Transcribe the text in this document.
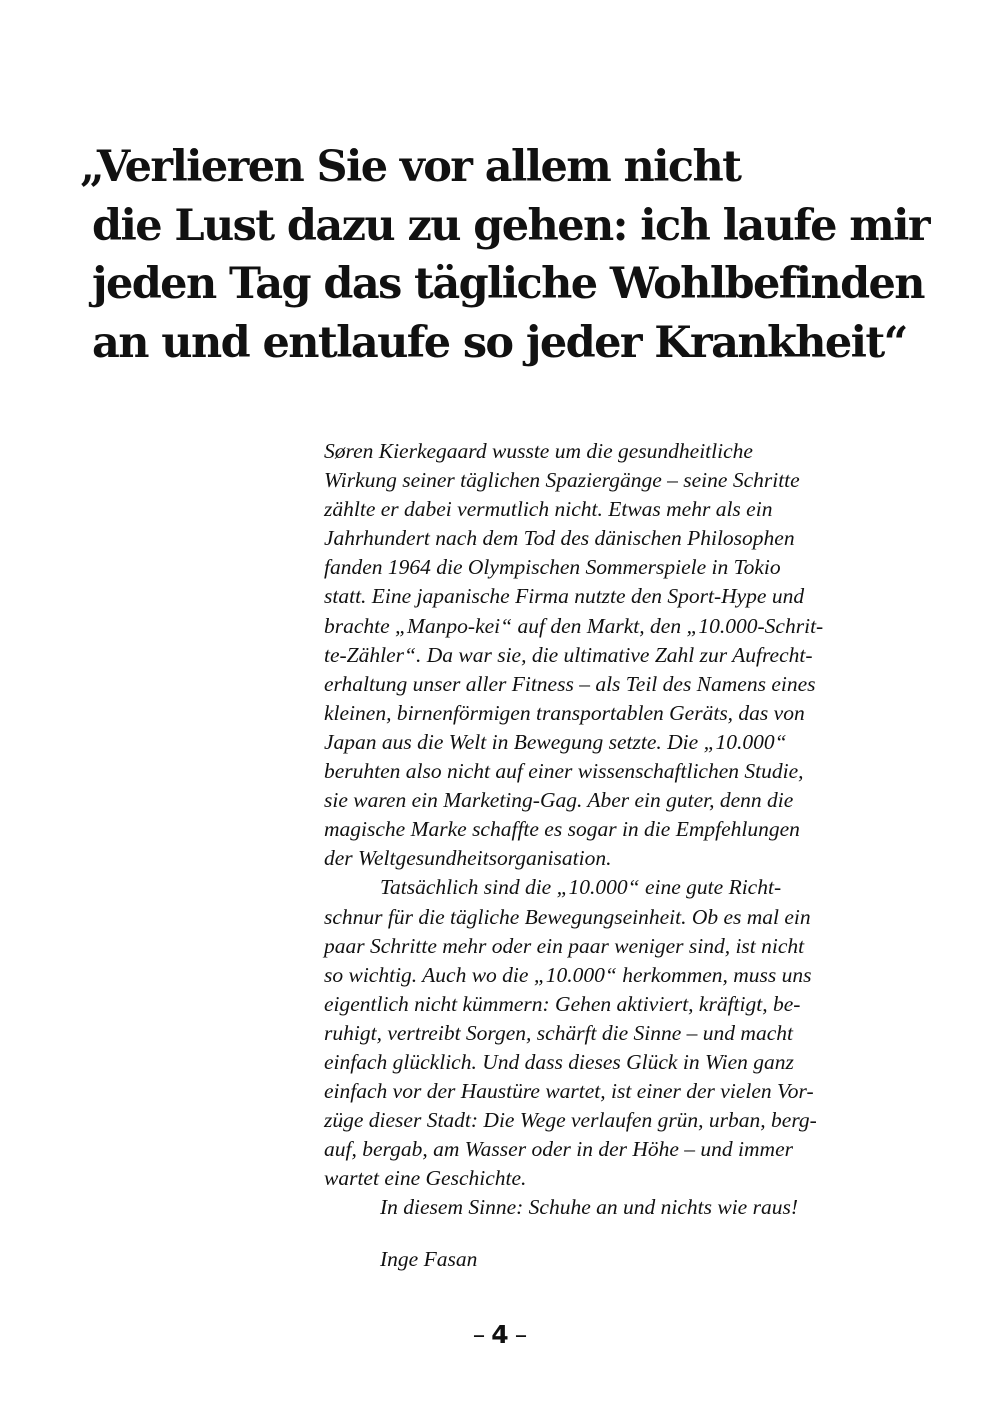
„Verlieren Sie vor allem nicht
die Lust dazu zu gehen: ich laufe mir
jeden Tag das tägliche Wohlbefinden
an und entlaufe so jeder Krankheit“
Søren Kierkegaard wusste um die gesundheitliche
Wirkung seiner täglichen Spaziergänge – seine Schritte
zählte er dabei vermutlich nicht. Etwas mehr als ein
Jahrhundert nach dem Tod des dänischen Philosophen
fanden 1964 die Olympischen Sommerspiele in Tokio
statt. Eine japanische Firma nutzte den Sport-Hype und
brachte „Manpo-kei“ auf den Markt, den „10.000-Schrit-
te-Zähler“. Da war sie, die ultimative Zahl zur Aufrecht-
erhaltung unser aller Fitness – als Teil des Namens eines
kleinen, birnenförmigen transportablen Geräts, das von
Japan aus die Welt in Bewegung setzte. Die „10.000“
beruhten also nicht auf einer wissenschaftlichen Studie,
sie waren ein Marketing-Gag. Aber ein guter, denn die
magische Marke schaffte es sogar in die Empfehlungen
der Weltgesundheitsorganisation.
Tatsächlich sind die „10.000“ eine gute Richt-
schnur für die tägliche Bewegungseinheit. Ob es mal ein
paar Schritte mehr oder ein paar weniger sind, ist nicht
so wichtig. Auch wo die „10.000“ herkommen, muss uns
eigentlich nicht kümmern: Gehen aktiviert, kräftigt, be-
ruhigt, vertreibt Sorgen, schärft die Sinne – und macht
einfach glücklich. Und dass dieses Glück in Wien ganz
einfach vor der Haustüre wartet, ist einer der vielen Vor-
züge dieser Stadt: Die Wege verlaufen grün, urban, berg-
auf, bergab, am Wasser oder in der Höhe – und immer
wartet eine Geschichte.
In diesem Sinne: Schuhe an und nichts wie raus!
Inge Fasan
– 4 –
